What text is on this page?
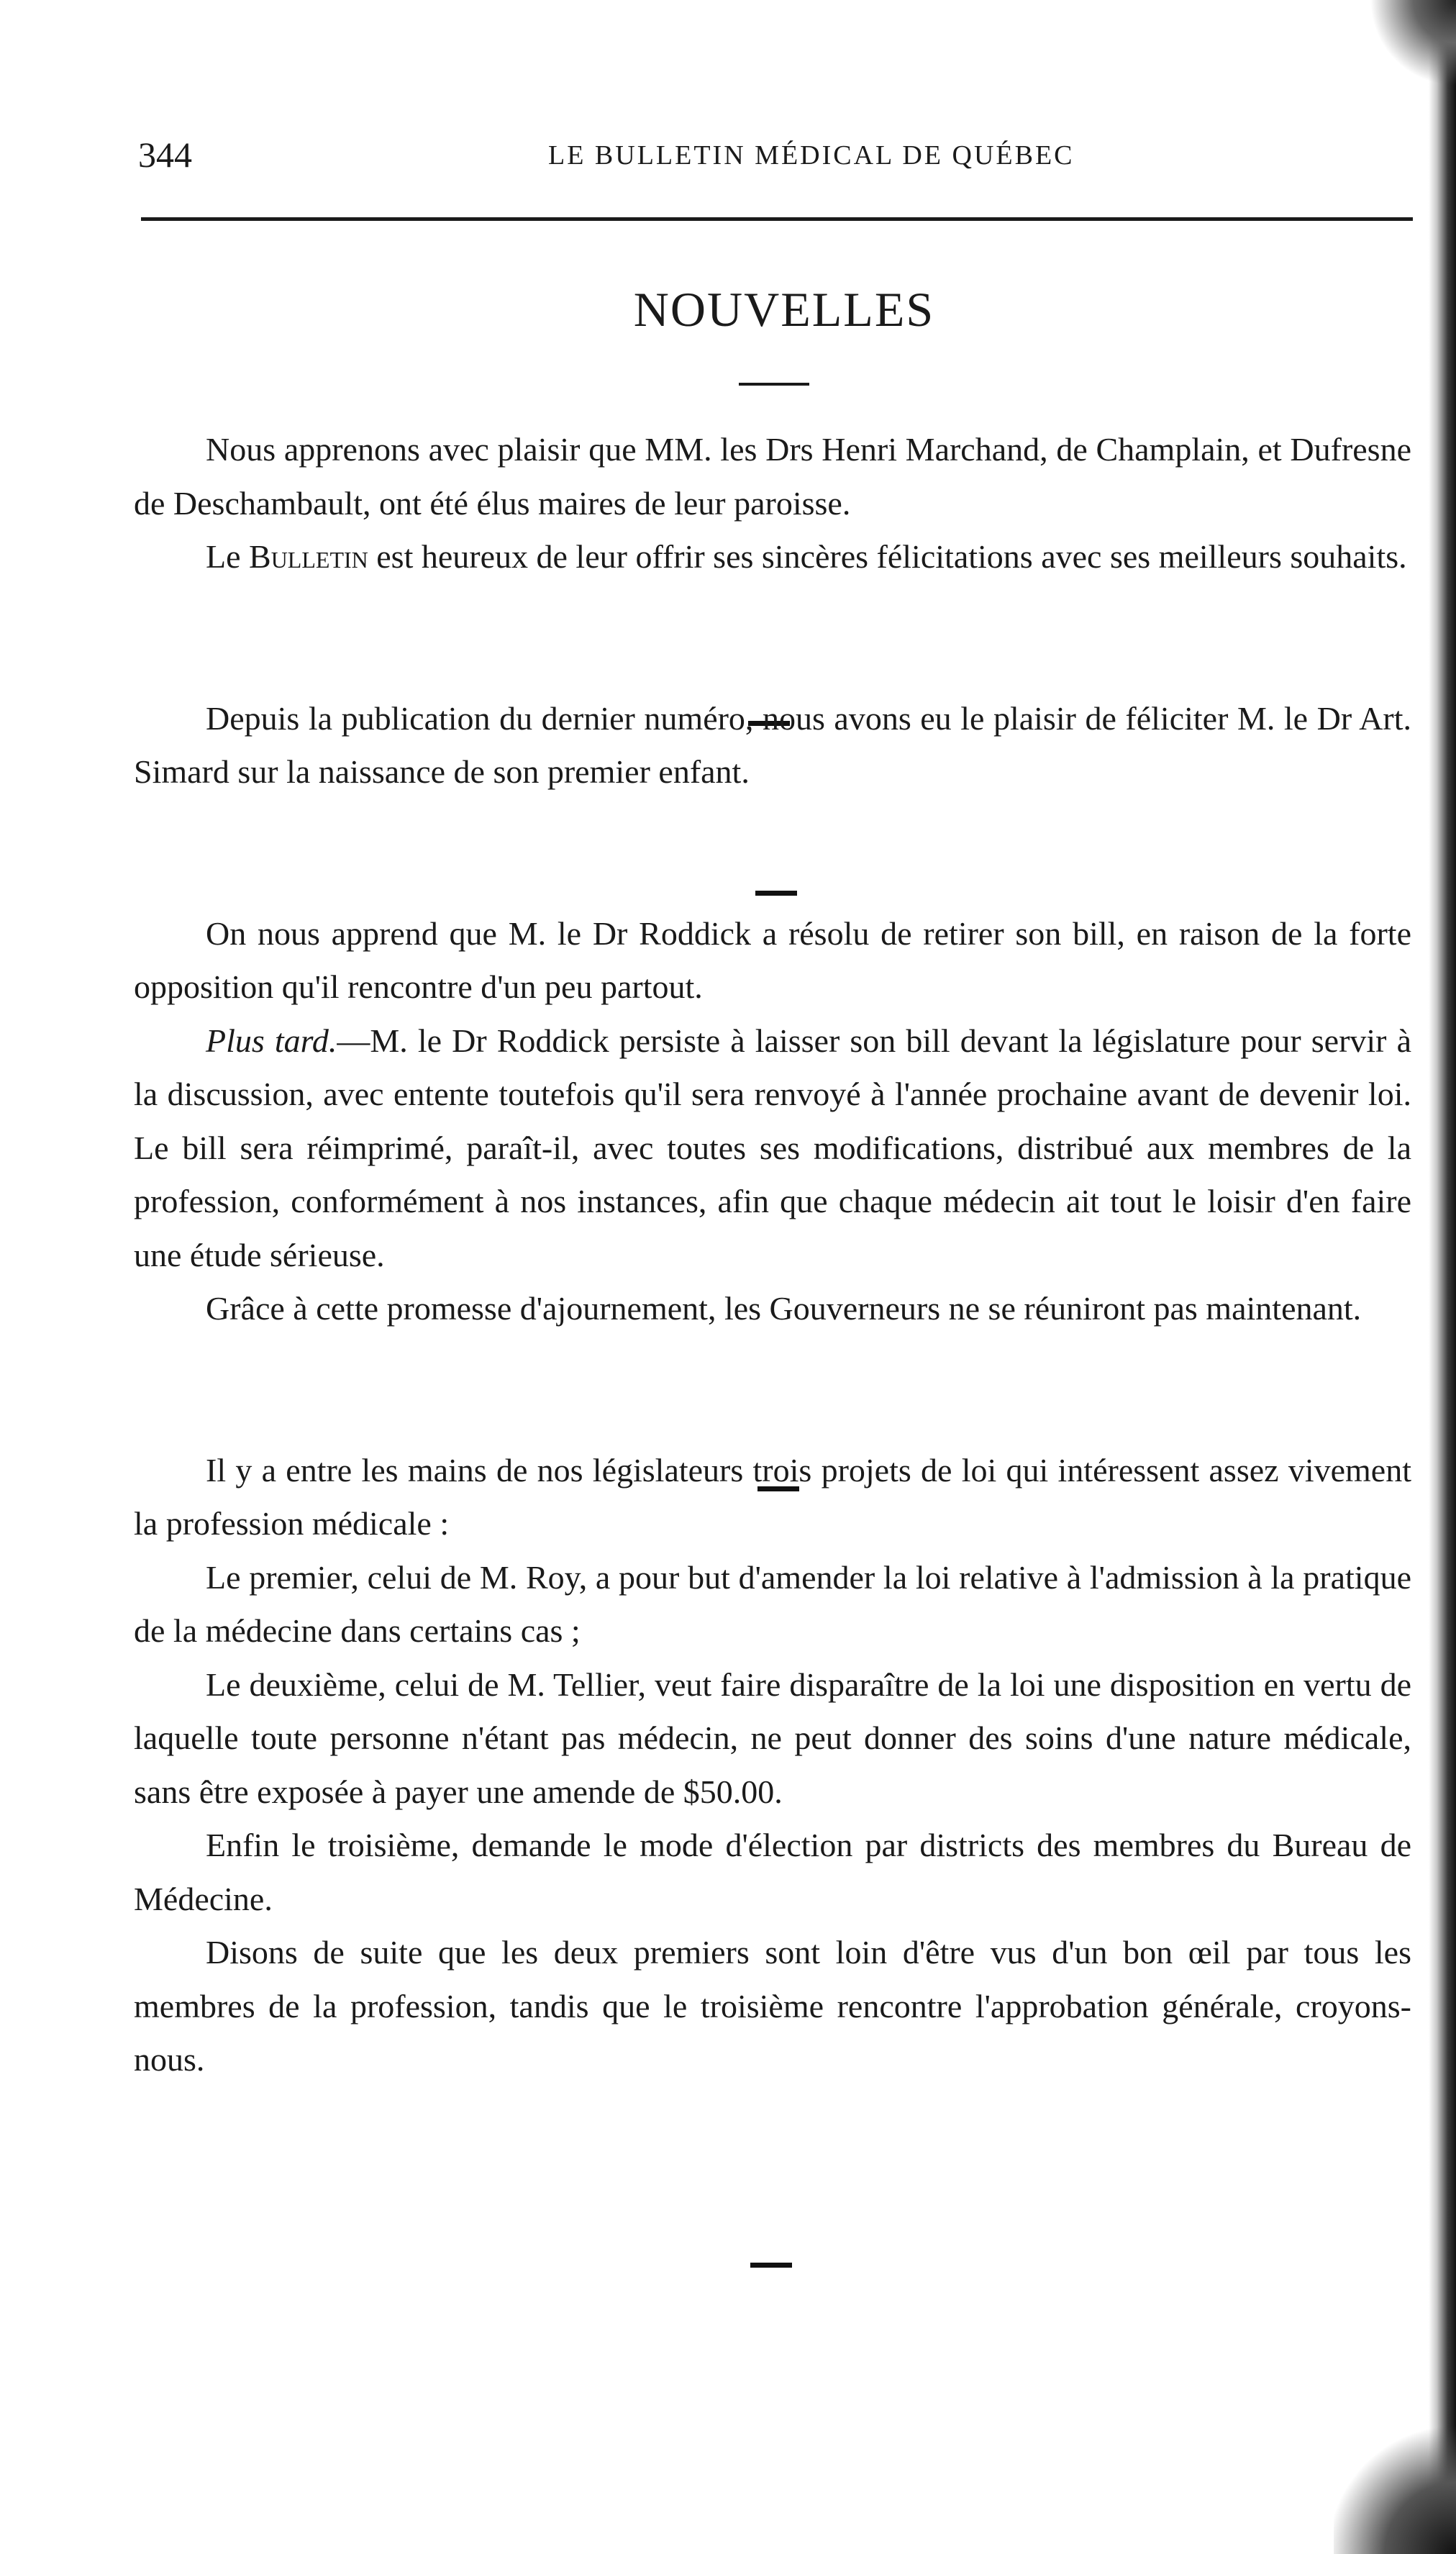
344	LE BULLETIN MÉDICAL DE QUÉBEC
NOUVELLES

Nous apprenons avec plaisir que MM. les Drs Henri Marchand, de Champlain, et Dufresne de Deschambault, ont été élus maires de leur paroisse.

Le Bulletin est heureux de leur offrir ses sincères félicitations avec ses meilleurs souhaits.

Depuis la publication du dernier numéro, nous avons eu le plaisir de féliciter M. le Dr Art. Simard sur la naissance de son premier enfant.

On nous apprend que M. le Dr Roddick a résolu de retirer son bill, en raison de la forte opposition qu'il rencontre d'un peu partout.

Plus tard.—M. le Dr Roddick persiste à laisser son bill devant la législature pour servir à la discussion, avec entente toutefois qu'il sera renvoyé à l'année prochaine avant de devenir loi. Le bill sera réimprimé, paraît-il, avec toutes ses modifications, distribué aux membres de la profession, conformément à nos instances, afin que chaque médecin ait tout le loisir d'en faire une étude sérieuse.

Grâce à cette promesse d'ajournement, les Gouverneurs ne se réuniront pas maintenant.

Il y a entre les mains de nos législateurs trois projets de loi qui intéressent assez vivement la profession médicale :

Le premier, celui de M. Roy, a pour but d'amender la loi relative à l'admission à la pratique de la médecine dans certains cas ;

Le deuxième, celui de M. Tellier, veut faire disparaître de la loi une disposition en vertu de laquelle toute personne n'étant pas médecin, ne peut donner des soins d'une nature médicale, sans être exposée à payer une amende de $50.00.

Enfin le troisième, demande le mode d'élection par districts des membres du Bureau de Médecine.

Disons de suite que les deux premiers sont loin d'être vus d'un bon œil par tous les membres de la profession, tandis que le troisième rencontre l'approbation générale, croyons-nous.
